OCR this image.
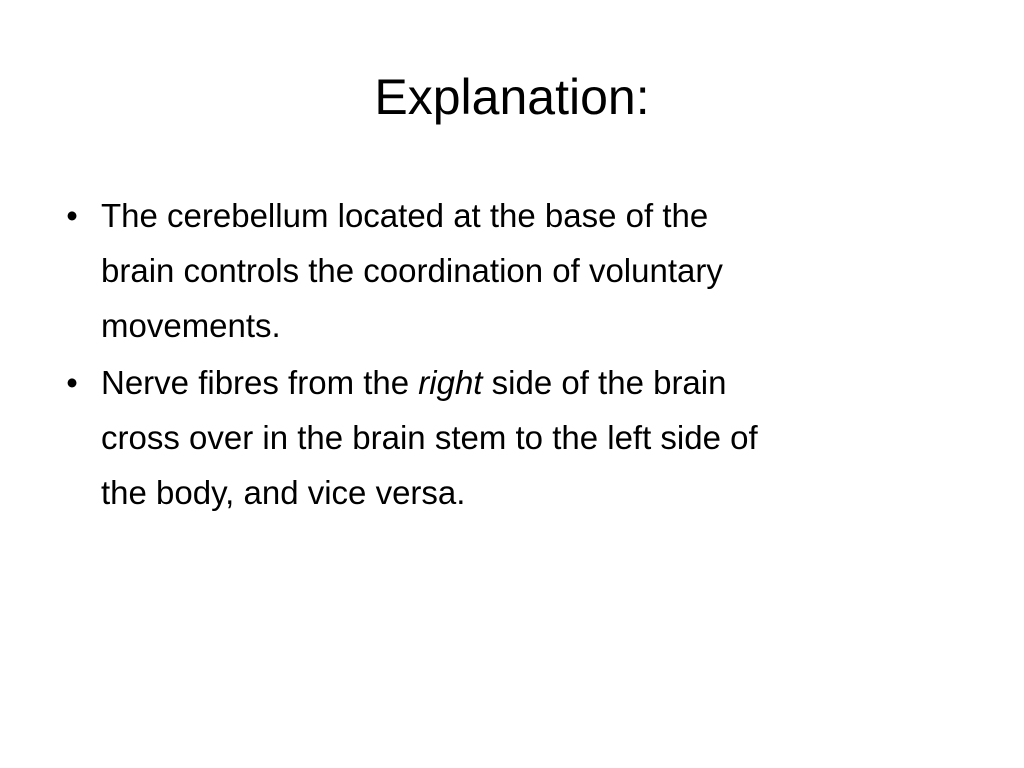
Explanation:
• The cerebellum located at the base of the
brain controls the coordination of voluntary
movements.
• Nerve fibres from the right side of the brain
cross over in the brain stem to the left side of
the body, and vice versa.
